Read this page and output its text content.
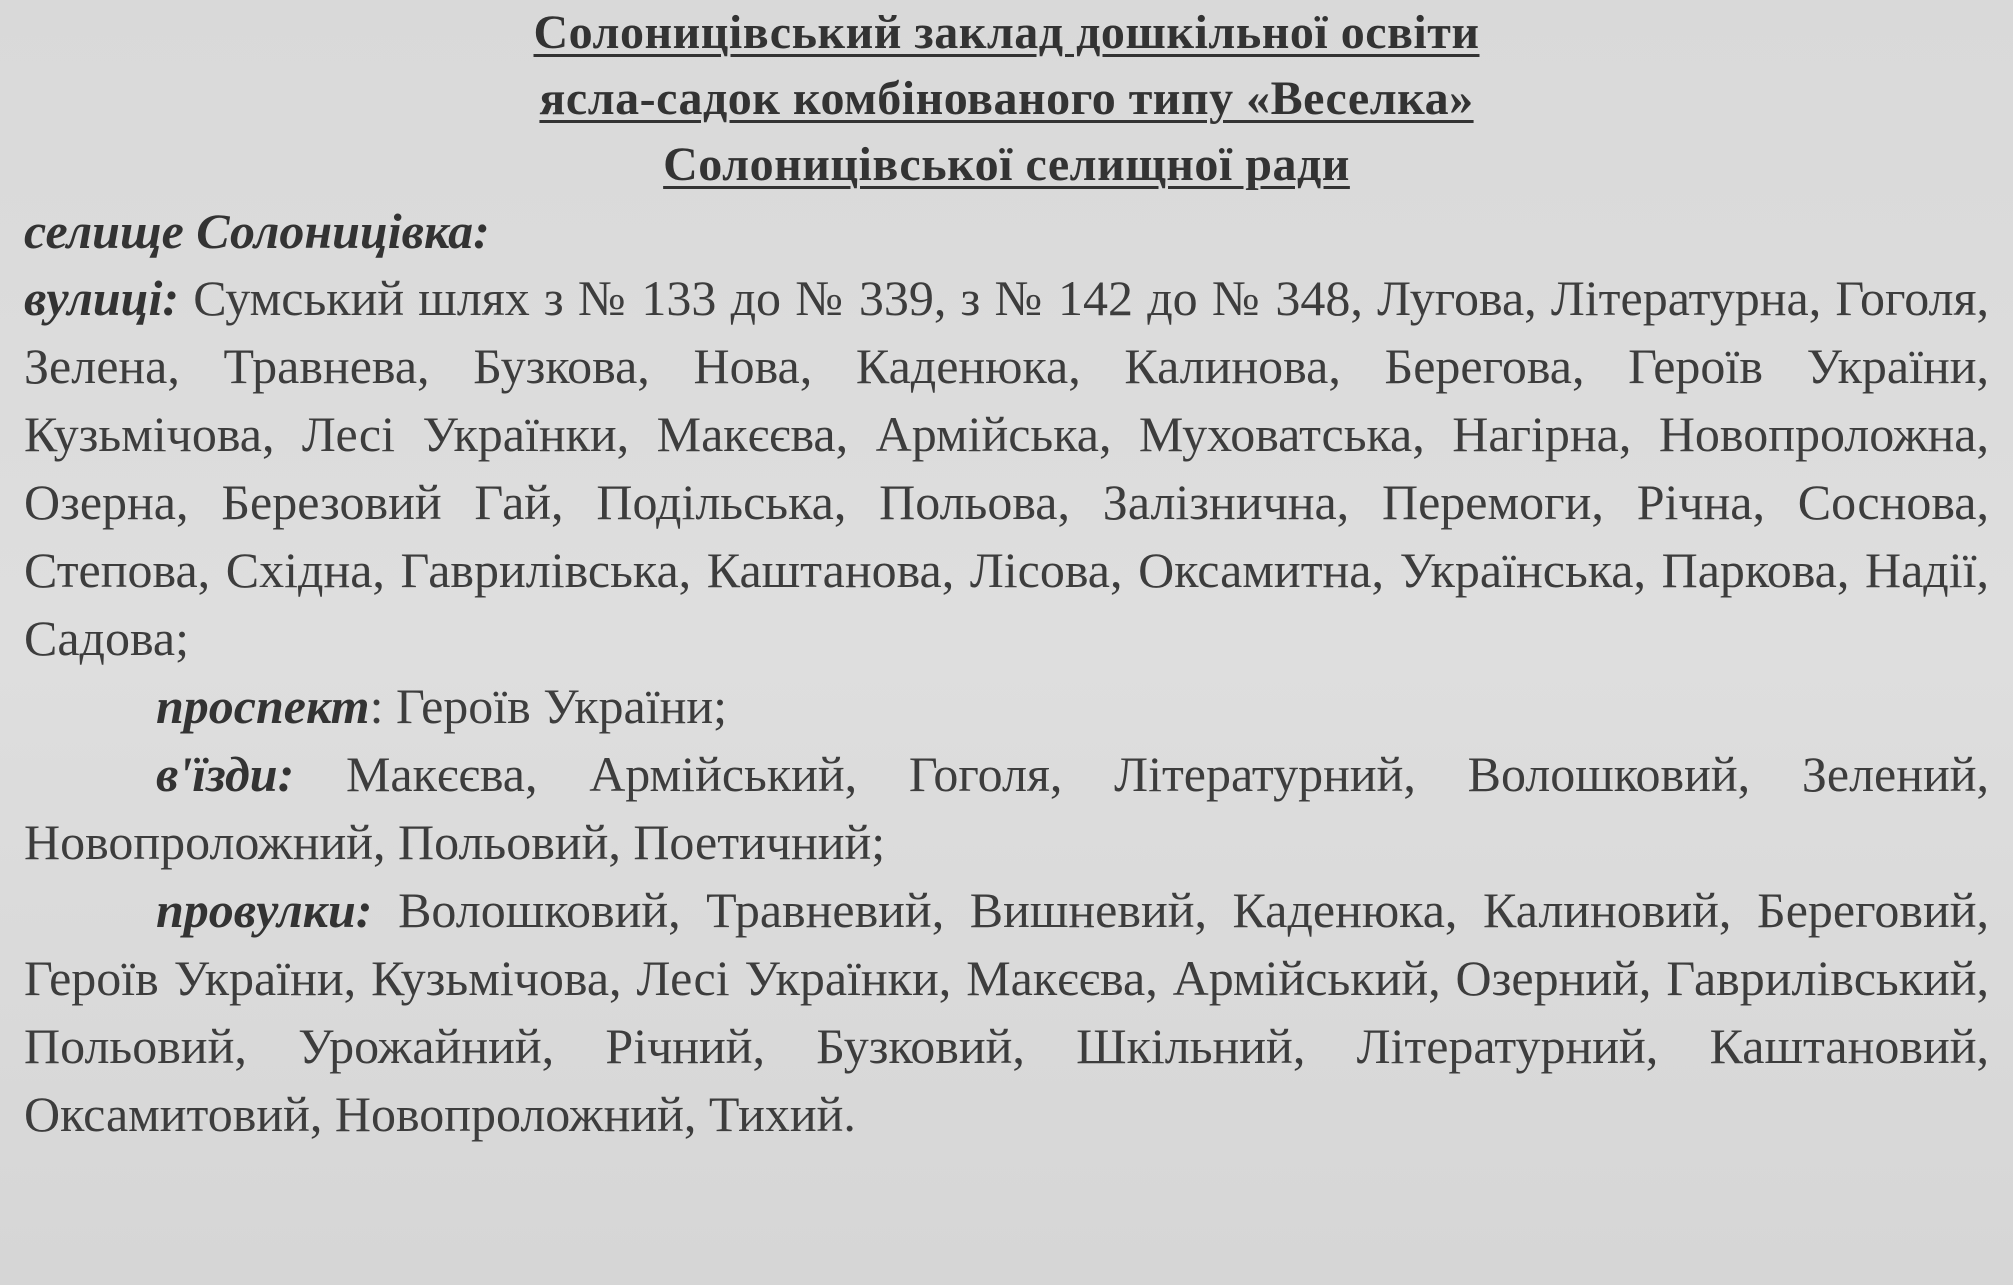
Солоницівський заклад дошкільної освіти
ясла-садок комбінованого типу «Веселка»
Солоницівської селищної ради
селище Солоницівка:

вулиці: Сумський шлях з № 133 до № 339, з № 142 до № 348, Лугова, Літературна, Гоголя, Зелена, Травнева, Бузкова, Нова, Каденюка, Калинова, Берегова, Героїв України, Кузьмічова, Лесі Українки, Макєєва, Армійська, Муховатська, Нагірна, Новопроложна, Озерна, Березовий Гай, Подільська, Польова, Залізнична, Перемоги, Річна, Соснова, Степова, Східна, Гаврилівська, Каштанова, Лісова, Оксамитна, Українська, Паркова, Надії, Садова;

проспект: Героїв України;

в'їзди: Макєєва, Армійський, Гоголя, Літературний, Волошковий, Зелений, Новопроложний, Польовий, Поетичний;

провулки: Волошковий, Травневий, Вишневий, Каденюка, Калиновий, Береговий, Героїв України, Кузьмічова, Лесі Українки, Макєєва, Армійський, Озерний, Гаврилівський, Польовий, Урожайний, Річний, Бузковий, Шкільний, Літературний, Каштановий, Оксамитовий, Новопроложний, Тихий.
